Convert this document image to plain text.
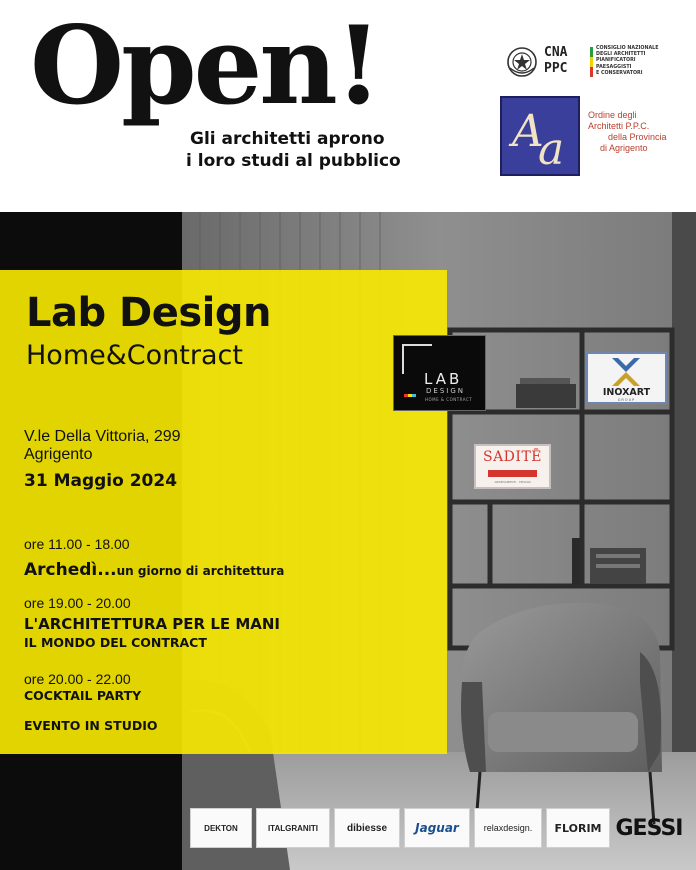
Open!
Gli architetti aprono
i loro studi al pubblico
CNA
PPC
CONSIGLIO NAZIONALE
DEGLI ARCHITETTI
PIANIFICATORI
PAESAGGISTI
E CONSERVATORI
A
a
Ordine degli
Architetti P.P.C.
della Provincia
di Agrigento
Lab Design
Home&Contract
V.le Della Vittoria, 299
Agrigento
31 Maggio 2024
ore 11.00 - 18.00
Archedì...un giorno di architettura
ore 19.00 - 20.00
L'ARCHITETTURA PER LE MANI
IL MONDO DEL CONTRACT
ore 20.00 - 22.00
COCKTAIL PARTY
EVENTO IN STUDIO
LAB
DESIGN
HOME & CONTRACT
INOXART
GROUP
SADITĒ
ARREDAMENTI · DESIGN
DEKTON	ITALGRANITI	dibiesse	Jaguar	relaxdesign.	FLORIM GESSI
